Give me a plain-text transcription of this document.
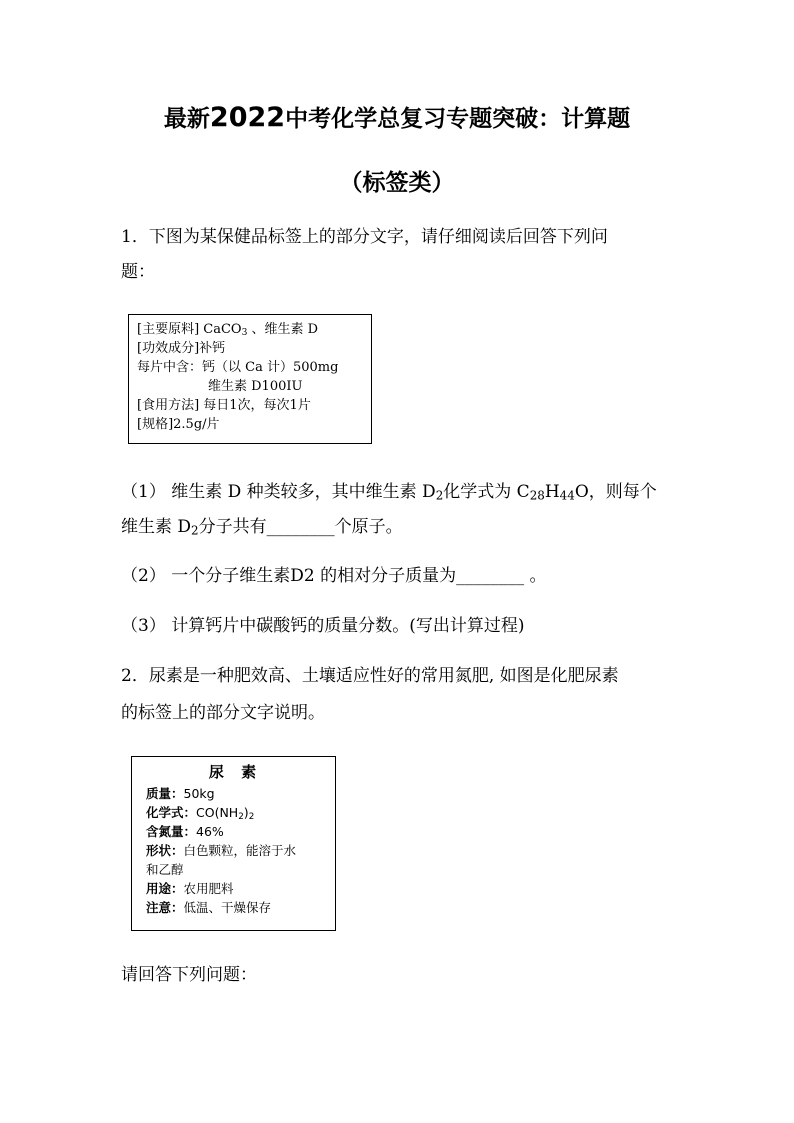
最新2022中考化学总复习专题突破：计算题
（标签类）
1．下图为某保健品标签上的部分文字，请仔细阅读后回答下列问
题：
[主要原料] CaCO$_3$ 、维生素 D
[功效成分]补钙
每片中含：钙（以 Ca 计）500mg
维生素 D100IU
[食用方法] 每日1次，每次1片
[规格]2.5g/片
（1） 维生素 D 种类较多，其中维生素 $D_2$化学式为 $C_{28}H_{44}O$，则每个
维生素 $D_2$分子共有________个原子。
（2） 一个分子维生素D2 的相对分子质量为________ 。
（3） 计算钙片中碳酸钙的质量分数。(写出计算过程)
2．尿素是一种肥效高、土壤适应性好的常用氮肥, 如图是化肥尿素
的标签上的部分文字说明。
尿 素
质量：50kg
化学式：$CO(NH_2)_2$
含氮量：46%
形状：白色颗粒，能溶于水
和乙醇
用途：农用肥料
注意：低温、干燥保存
请回答下列问题：
